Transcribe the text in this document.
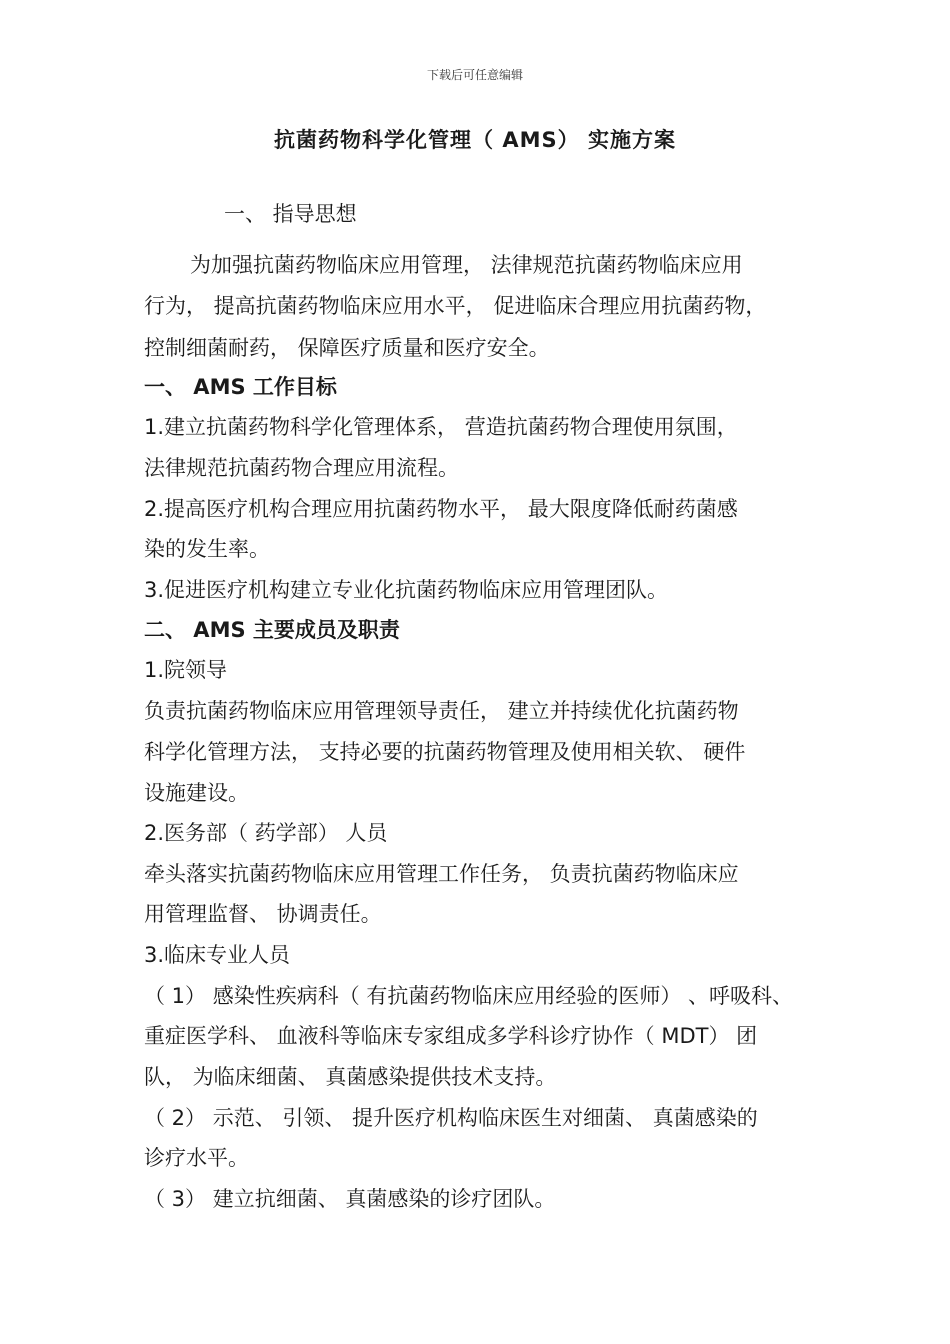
下载后可任意编辑
抗菌药物科学化管理（ AMS） 实施方案
一、 指导思想
为加强抗菌药物临床应用管理， 法律规范抗菌药物临床应用
行为， 提高抗菌药物临床应用水平， 促进临床合理应用抗菌药物，
控制细菌耐药， 保障医疗质量和医疗安全。
一、 AMS 工作目标
1.建立抗菌药物科学化管理体系， 营造抗菌药物合理使用氛围，
法律规范抗菌药物合理应用流程。
2.提高医疗机构合理应用抗菌药物水平， 最大限度降低耐药菌感
染的发生率。
3.促进医疗机构建立专业化抗菌药物临床应用管理团队。
二、 AMS 主要成员及职责
1.院领导
负责抗菌药物临床应用管理领导责任， 建立并持续优化抗菌药物
科学化管理方法， 支持必要的抗菌药物管理及使用相关软、 硬件
设施建设。
2.医务部（ 药学部） 人员
牵头落实抗菌药物临床应用管理工作任务， 负责抗菌药物临床应
用管理监督、 协调责任。
3.临床专业人员
（ 1） 感染性疾病科（ 有抗菌药物临床应用经验的医师） 、呼吸科、
重症医学科、 血液科等临床专家组成多学科诊疗协作（ MDT） 团
队， 为临床细菌、 真菌感染提供技术支持。
（ 2） 示范、 引领、 提升医疗机构临床医生对细菌、 真菌感染的
诊疗水平。
（ 3） 建立抗细菌、 真菌感染的诊疗团队。
